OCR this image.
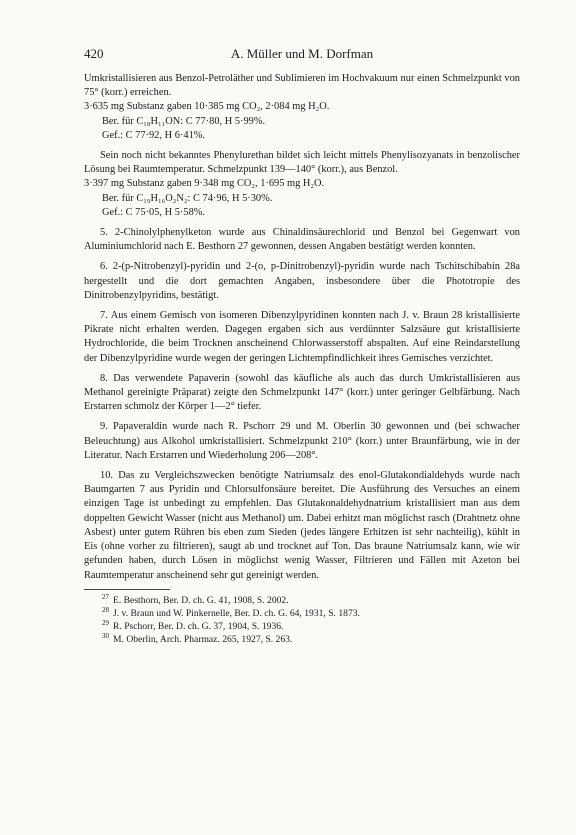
420	A. Müller und M. Dorfman

Umkristallisieren aus Benzol-Petroläther und Sublimieren im Hochvakuum nur einen Schmelzpunkt von 75° (korr.) erreichen.

3·635 mg Substanz gaben 10·385 mg CO₂, 2·084 mg H₂O.

Ber. für C₁₈H₁₁ON: C 77·80, H 5·99%.

Gef.: C 77·92, H 6·41%.

Sein noch nicht bekanntes Phenylurethan bildet sich leicht mittels Phenylisozyanats in benzolischer Lösung bei Raumtemperatur. Schmelzpunkt 139—140° (korr.), aus Benzol.

3·397 mg Substanz gaben 9·348 mg CO₂, 1·695 mg H₂O.

Ber. für C₁₉H₁₆O₂N₂: C 74·96, H 5·30%.

Gef.: C 75·05, H 5·58%.

5. 2-Chinolylphenylketon wurde aus Chinaldinsäurechlorid und Benzol bei Gegenwart von Aluminiumchlorid nach E. Besthorn 27 gewonnen, dessen Angaben bestätigt werden konnten.

6. 2-(p-Nitrobenzyl)-pyridin und 2-(o, p-Dinitrobenzyl)-pyridin wurde nach Tschitschibabin 28a hergestellt und die dort gemachten Angaben, insbesondere über die Phototropie des Dinitrobenzylpyridins, bestätigt.

7. Aus einem Gemisch von isomeren Dibenzylpyridinen konnten nach J. v. Braun 28 kristallisierte Pikrate nicht erhalten werden. Dagegen ergaben sich aus verdünnter Salzsäure gut kristallisierte Hydrochloride, die beim Trocknen anscheinend Chlorwasserstoff abspalten. Auf eine Reindarstellung der Dibenzylpyridine wurde wegen der geringen Lichtempfindlichkeit ihres Gemisches verzichtet.

8. Das verwendete Papaverin (sowohl das käufliche als auch das durch Umkristallisieren aus Methanol gereinigte Präparat) zeigte den Schmelzpunkt 147° (korr.) unter geringer Gelbfärbung. Nach Erstarren schmolz der Körper 1—2° tiefer.

9. Papaveraldin wurde nach R. Pschorr 29 und M. Oberlin 30 gewonnen und (bei schwacher Beleuchtung) aus Alkohol umkristallisiert. Schmelzpunkt 210° (korr.) unter Braunfärbung, wie in der Literatur. Nach Erstarren und Wiederholung 206—208°.

10. Das zu Vergleichszwecken benötigte Natriumsalz des enol-Glutakondialdehyds wurde nach Baumgarten 7 aus Pyridin und Chlorsulfonsäure bereitet. Die Ausführung des Versuches an einem einzigen Tage ist unbedingt zu empfehlen. Das Glutakonaldehydnatrium kristallisiert man aus dem doppelten Gewicht Wasser (nicht aus Methanol) um. Dabei erhitzt man möglichst rasch (Drahtnetz ohne Asbest) unter gutem Rühren bis eben zum Sieden (jedes längere Erhitzen ist sehr nachteilig), kühlt in Eis (ohne vorher zu filtrieren), saugt ab und trocknet auf Ton. Das braune Natriumsalz kann, wie wir gefunden haben, durch Lösen in möglichst wenig Wasser, Filtrieren und Fällen mit Azeton bei Raumtemperatur anscheinend sehr gut gereinigt werden.

$^{27}$ E. Besthorn, Ber. D. ch. G. 41, 1908, S. 2002.

$^{28}$ J. v. Braun und W. Pinkernelle, Ber. D. ch. G. 64, 1931, S. 1873.

$^{29}$ R. Pschorr, Ber. D. ch. G. 37, 1904, S. 1936.

$^{30}$ M. Oberlin, Arch. Pharmaz. 265, 1927, S. 263.
